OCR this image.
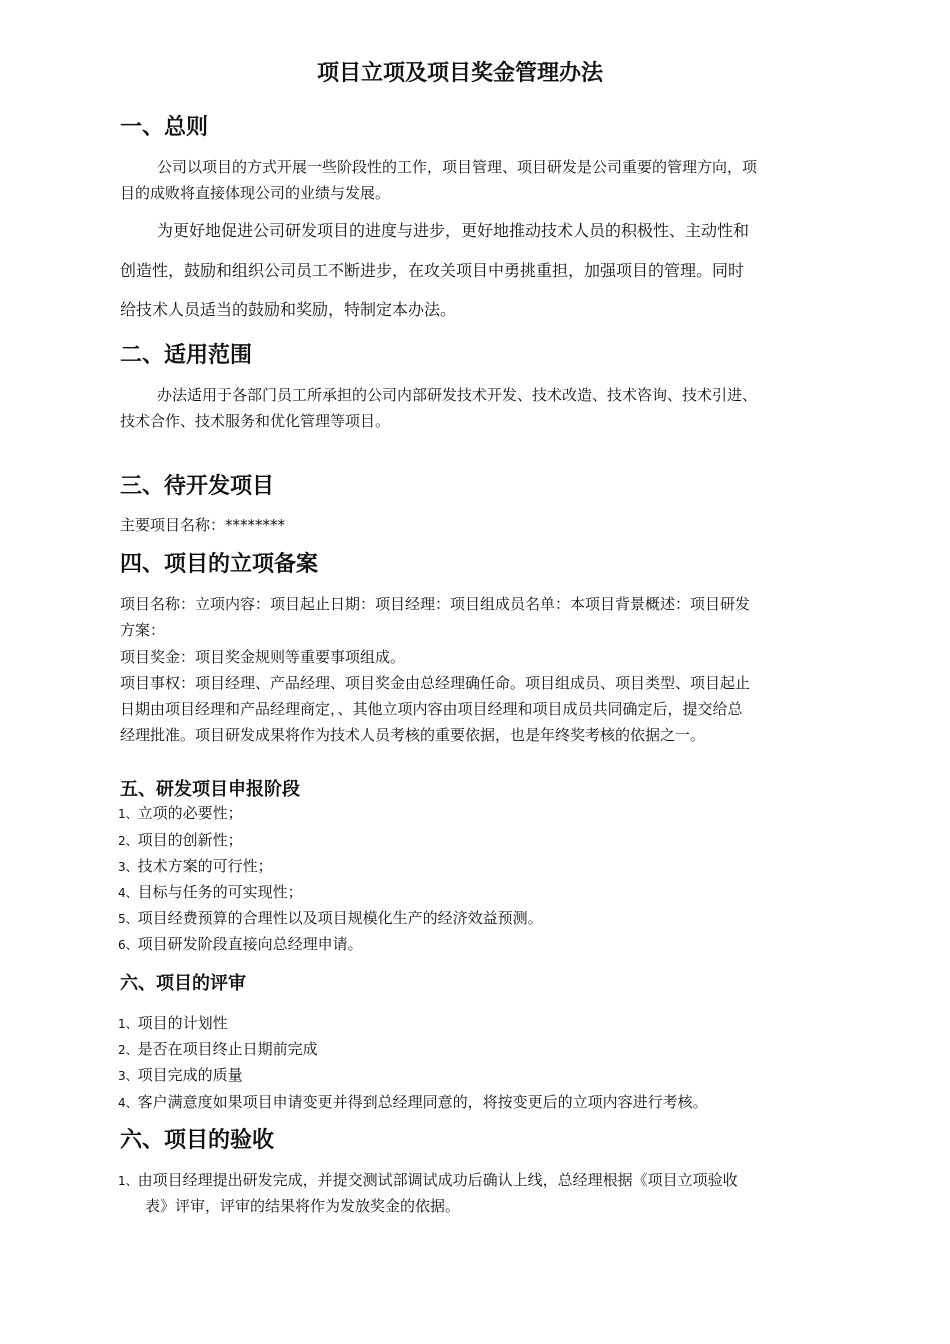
项目立项及项目奖金管理办法
一、总则

公司以项目的方式开展一些阶段性的工作，项目管理、项目研发是公司重要的管理方向，项

目的成败将直接体现公司的业绩与发展。

为更好地促进公司研发项目的进度与进步，更好地推动技术人员的积极性、主动性和

创造性，鼓励和组织公司员工不断进步，在攻关项目中勇挑重担，加强项目的管理。同时

给技术人员适当的鼓励和奖励，特制定本办法。

二、适用范围

办法适用于各部门员工所承担的公司内部研发技术开发、技术改造、技术咨询、技术引进、

技术合作、技术服务和优化管理等项目。

三、待开发项目

主要项目名称：********

四、项目的立项备案

项目名称：立项内容：项目起止日期：项目经理：项目组成员名单：本项目背景概述：项目研发

方案：

项目奖金：项目奖金规则等重要事项组成。

项目事权：项目经理、产品经理、项目奖金由总经理确任命。项目组成员、项目类型、项目起止

日期由项目经理和产品经理商定，、其他立项内容由项目经理和项目成员共同确定后，提交给总

经理批准。项目研发成果将作为技术人员考核的重要依据，也是年终奖考核的依据之一。

五、研发项目申报阶段

1、立项的必要性；

2、项目的创新性；

3、技术方案的可行性；

4、目标与任务的可实现性；

5、项目经费预算的合理性以及项目规模化生产的经济效益预测。

6、项目研发阶段直接向总经理申请。

六、项目的评审

1、项目的计划性

2、是否在项目终止日期前完成

3、项目完成的质量

4、客户满意度如果项目申请变更并得到总经理同意的，将按变更后的立项内容进行考核。

六、项目的验收

1、由项目经理提出研发完成，并提交测试部调试成功后确认上线，总经理根据《项目立项验收

表》评审，评审的结果将作为发放奖金的依据。
